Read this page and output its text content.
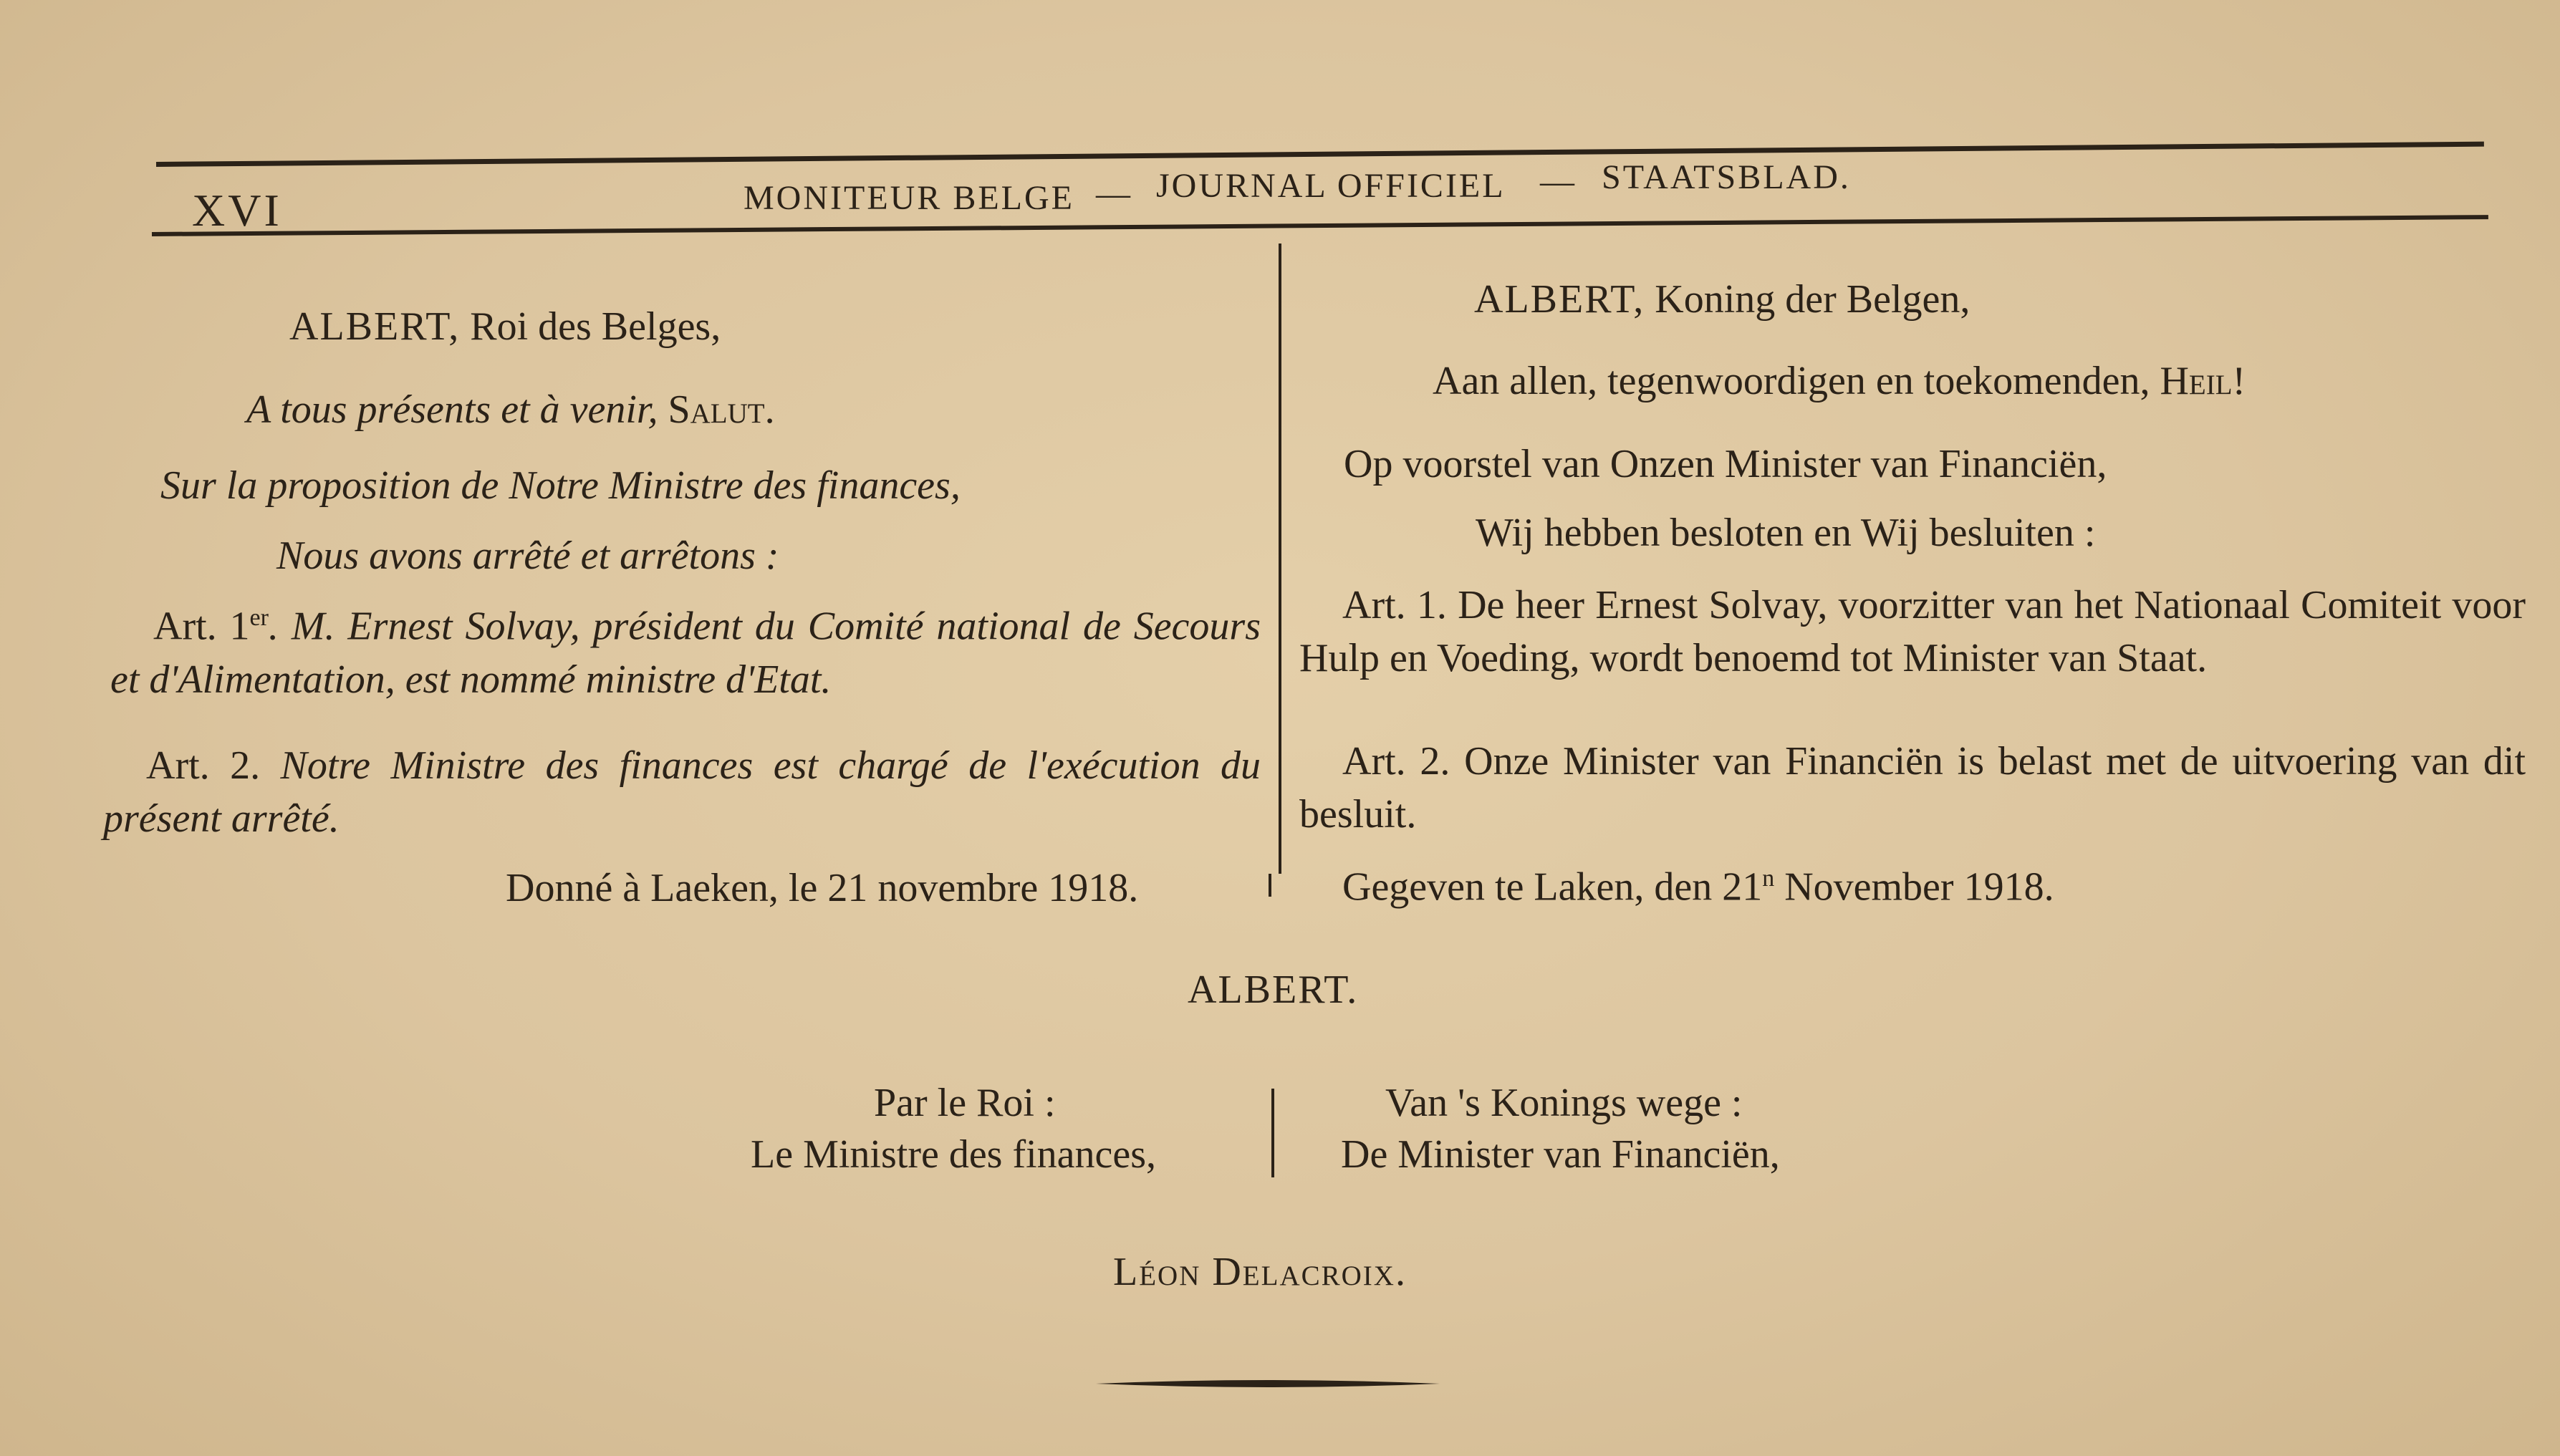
XVI	MONITEUR BELGE — JOURNAL OFFICIEL — STAATSBLAD.
ALBERT, Roi des Belges,
A tous présents et à venir, Salut.
Sur la proposition de Notre Ministre des finances,
Nous avons arrêté et arrêtons :
Art. 1er. M. Ernest Solvay, président du Comité national de Secours et d'Alimentation, est nommé ministre d'Etat.
Art. 2. Notre Ministre des finances est chargé de l'exécution du présent arrêté.
Donné à Laeken, le 21 novembre 1918.
ALBERT, Koning der Belgen,
Aan allen, tegenwoordigen en toekomenden, Heil!
Op voorstel van Onzen Minister van Financiën,
Wij hebben besloten en Wij besluiten :
Art. 1. De heer Ernest Solvay, voorzitter van het Nationaal Comiteit voor Hulp en Voeding, wordt benoemd tot Minister van Staat.
Art. 2. Onze Minister van Financiën is belast met de uitvoering van dit besluit.
Gegeven te Laken, den 21$^n$ November 1918.
ALBERT.
Par le Roi :
Le Ministre des finances,
Van 's Konings wege :
De Minister van Financiën,
Léon Delacroix.
